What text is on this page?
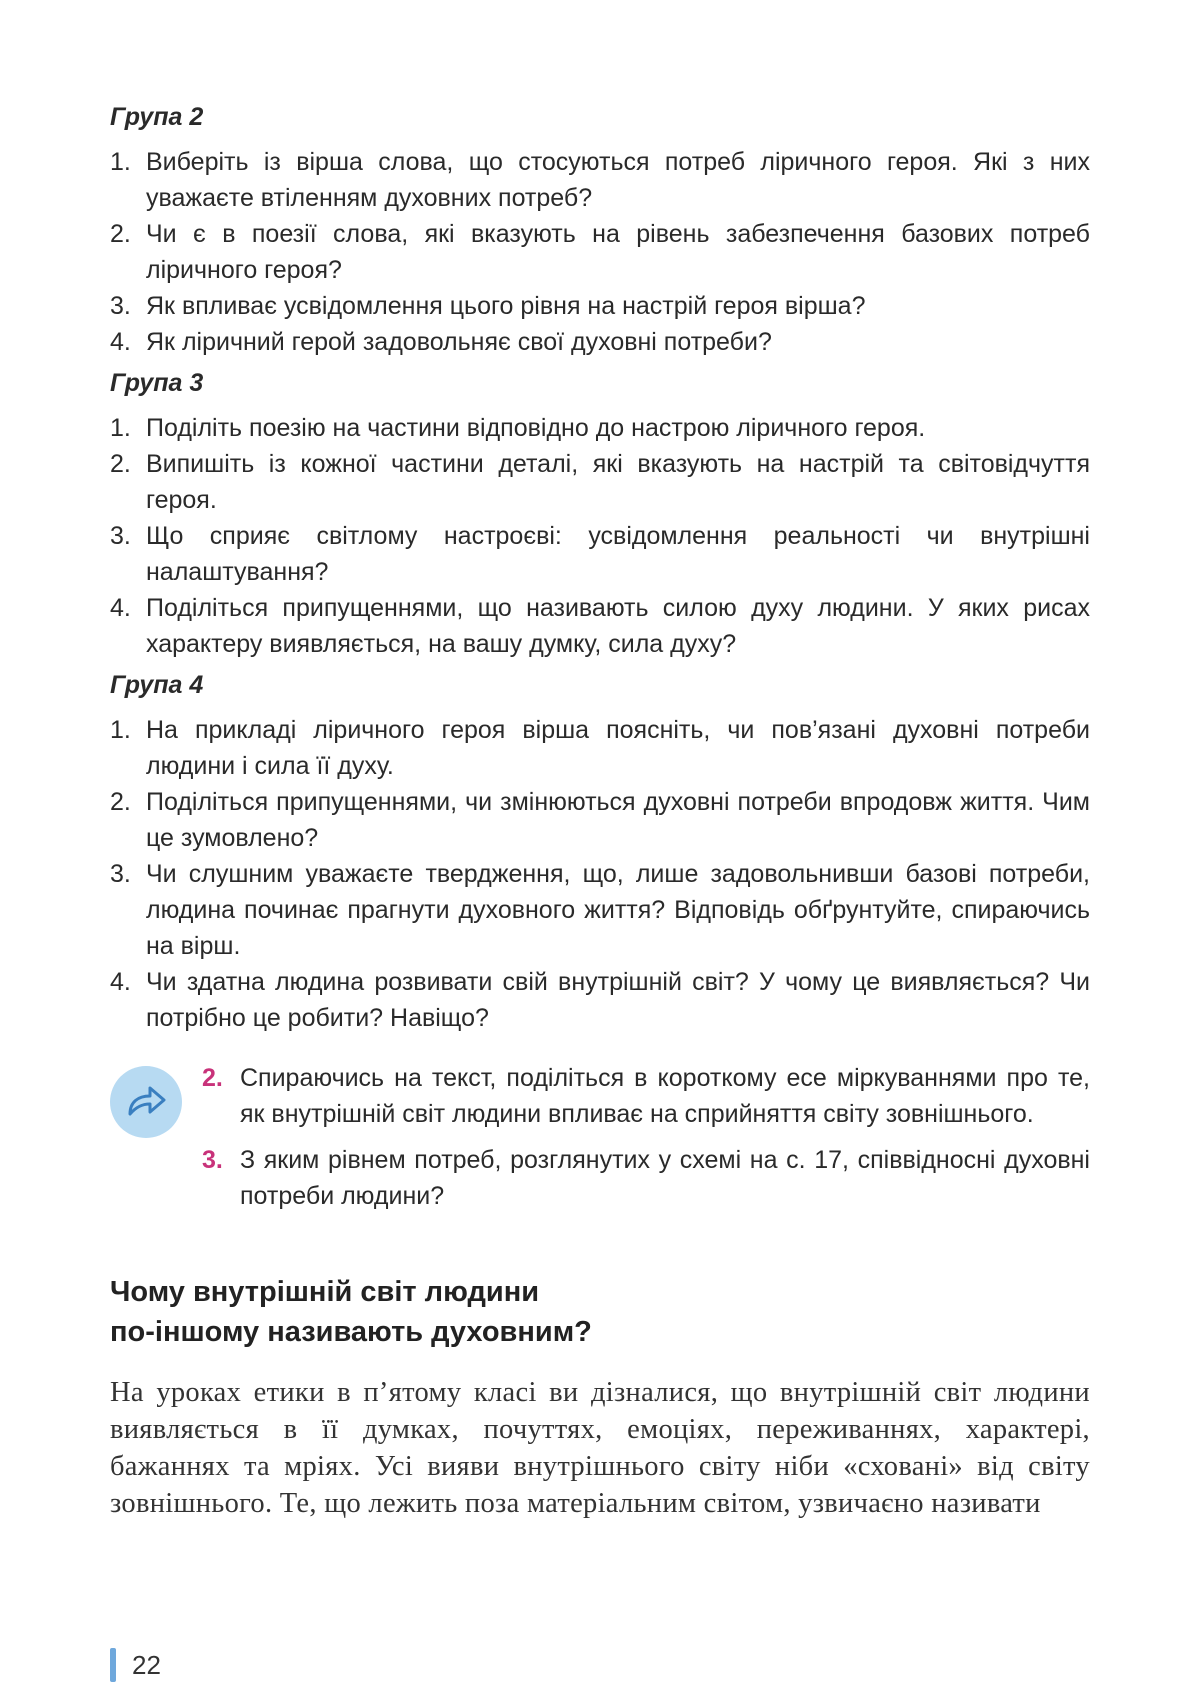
Група 2
1. Виберіть із вірша слова, що стосуються потреб ліричного героя. Які з них уважаєте втіленням духовних потреб?
2. Чи є в поезії слова, які вказують на рівень забезпечення базових потреб ліричного героя?
3. Як впливає усвідомлення цього рівня на настрій героя вірша?
4. Як ліричний герой задовольняє свої духовні потреби?
Група 3
1. Поділіть поезію на частини відповідно до настрою ліричного героя.
2. Випишіть із кожної частини деталі, які вказують на настрій та світовідчуття героя.
3. Що сприяє світлому настроєві: усвідомлення реальності чи внутрішні налаштування?
4. Поділіться припущеннями, що називають силою духу людини. У яких рисах характеру виявляється, на вашу думку, сила духу?
Група 4
1. На прикладі ліричного героя вірша поясніть, чи пов’язані духовні потреби людини і сила її духу.
2. Поділіться припущеннями, чи змінюються духовні потреби впродовж життя. Чим це зумовлено?
3. Чи слушним уважаєте твердження, що, лише задовольнивши базові потреби, людина починає прагнути духовного життя? Відповідь обґрунтуйте, спираючись на вірш.
4. Чи здатна людина розвивати свій внутрішній світ? У чому це виявляється? Чи потрібно це робити? Навіщо?
2. Спираючись на текст, поділіться в короткому есе міркуваннями про те, як внутрішній світ людини впливає на сприйняття світу зовнішнього.
3. З яким рівнем потреб, розглянутих у схемі на с. 17, співвідносні духовні потреби людини?
Чому внутрішній світ людини
по-іншому називають духовним?

На уроках етики в п’ятому класі ви дізналися, що внутрішній світ людини виявляється в її думках, почуттях, емоціях, переживаннях, характері, бажаннях та мріях. Усі вияви внутрішнього світу ніби «сховані» від світу зовнішнього. Те, що лежить поза матеріальним світом, узвичаєно називати

22
